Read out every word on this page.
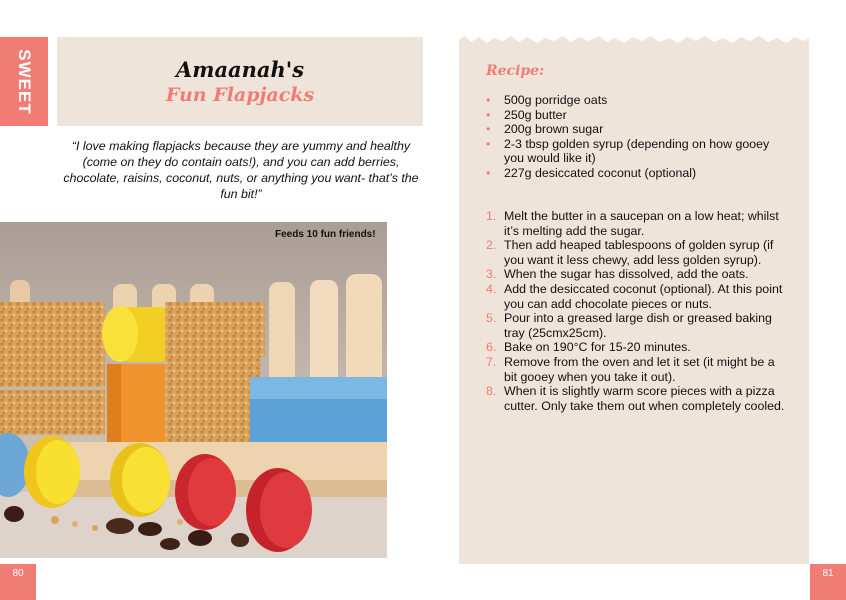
SWEET	Amaanah's
Fun Flapjacks
“I love making flapjacks because they are yummy and healthy (come on they do contain oats!), and you can add berries, chocolate, raisins, coconut, nuts, or anything you want- that’s the fun bit!”
Feeds 10 fun friends!
80
Recipe:
• 500g porridge oats
• 250g butter
• 200g brown sugar
• 2-3 tbsp golden syrup (depending on how gooey you would like it)
• 227g desiccated coconut (optional)
1. Melt the butter in a saucepan on a low heat; whilst it’s melting add the sugar.
2. Then add heaped tablespoons of golden syrup (if you want it less chewy, add less golden syrup).
3. When the sugar has dissolved, add the oats.
4. Add the desiccated coconut (optional). At this point you can add chocolate pieces or nuts.
5. Pour into a greased large dish or greased baking tray (25cmx25cm).
6. Bake on 190°C for 15-20 minutes.
7. Remove from the oven and let it set (it might be a bit gooey when you take it out).
8. When it is slightly warm score pieces with a pizza cutter. Only take them out when completely cooled.
81
